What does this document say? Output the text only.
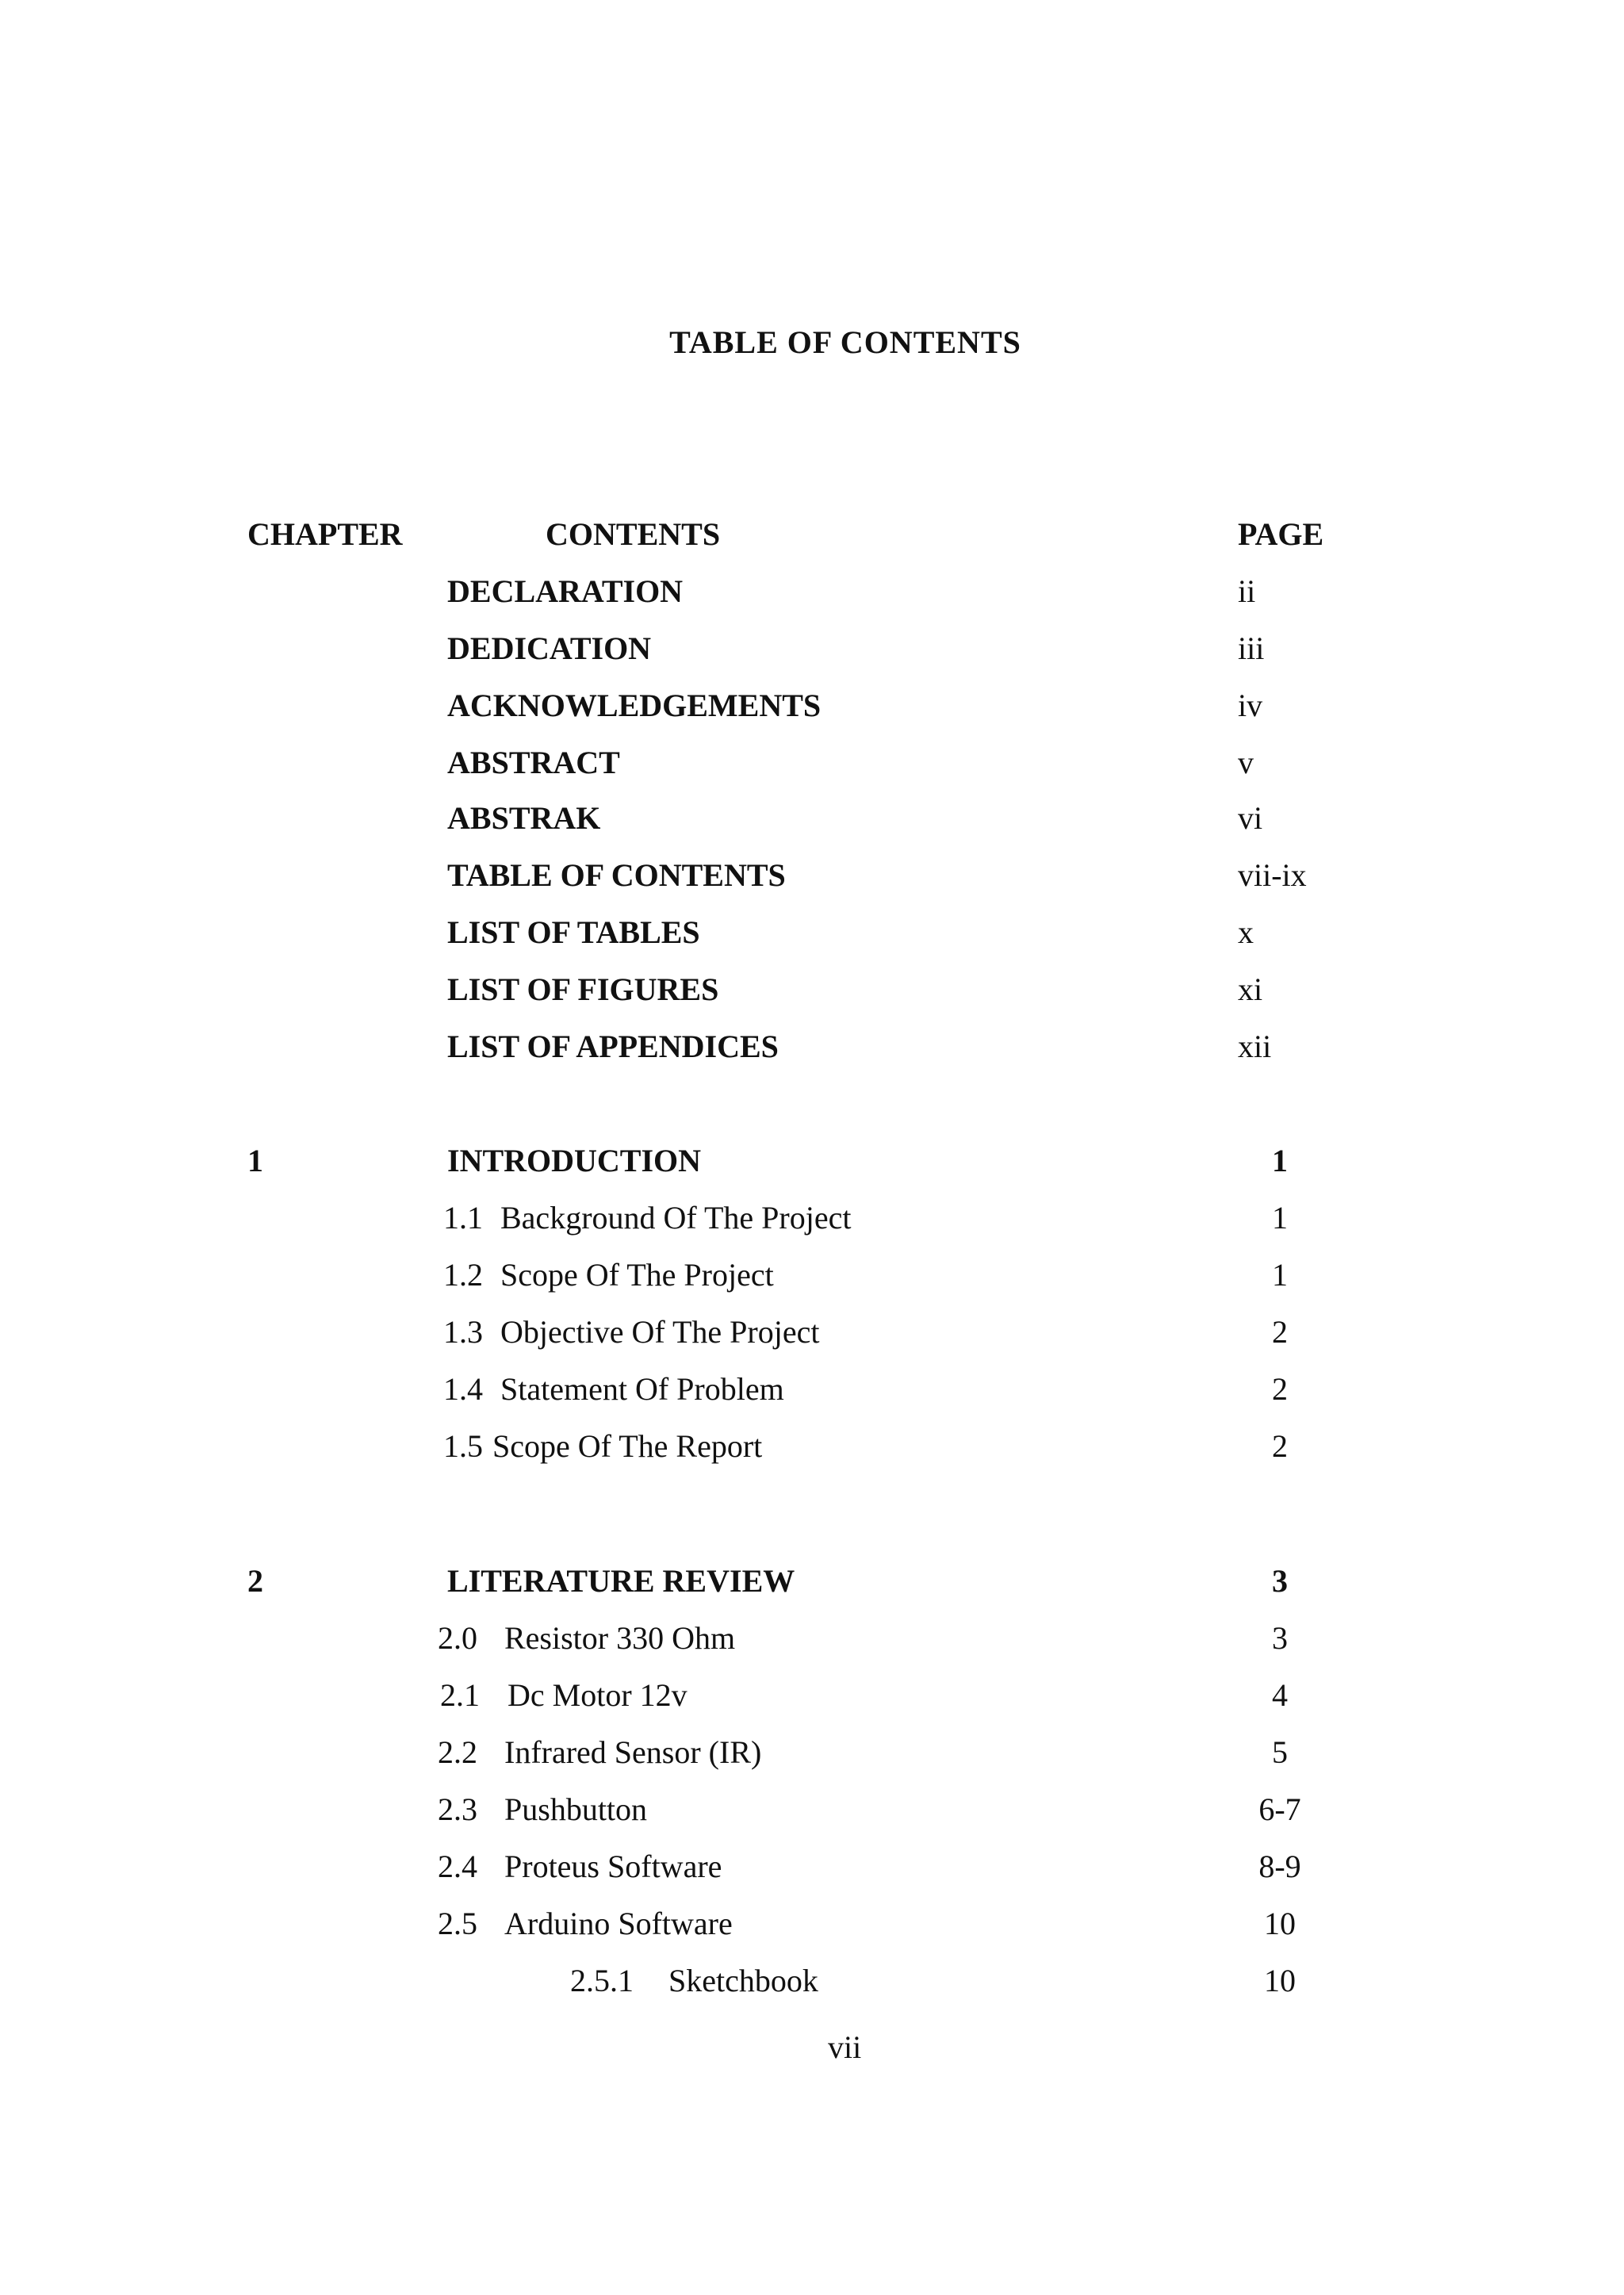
TABLE OF CONTENTS
CHAPTER	CONTENTS	PAGE
DECLARATION	ii
DEDICATION	iii
ACKNOWLEDGEMENTS	iv
ABSTRACT	v
ABSTRAK	vi
TABLE OF CONTENTS	vii-ix
LIST OF TABLES	x
LIST OF FIGURES	xi
LIST OF APPENDICES	xii
1	INTRODUCTION	1
1.1 Background Of The Project	1
1.2 Scope Of The Project	1
1.3 Objective Of The Project	2
1.4 Statement Of Problem	2
1.5 Scope Of The Report	2
2	LITERATURE REVIEW	3
2.0 Resistor 330 Ohm	3
2.1 Dc Motor 12v	4
2.2 Infrared Sensor (IR)	5
2.3 Pushbutton	6-7
2.4 Proteus Software	8-9
2.5 Arduino Software	10
2.5.1 Sketchbook	10
vii
